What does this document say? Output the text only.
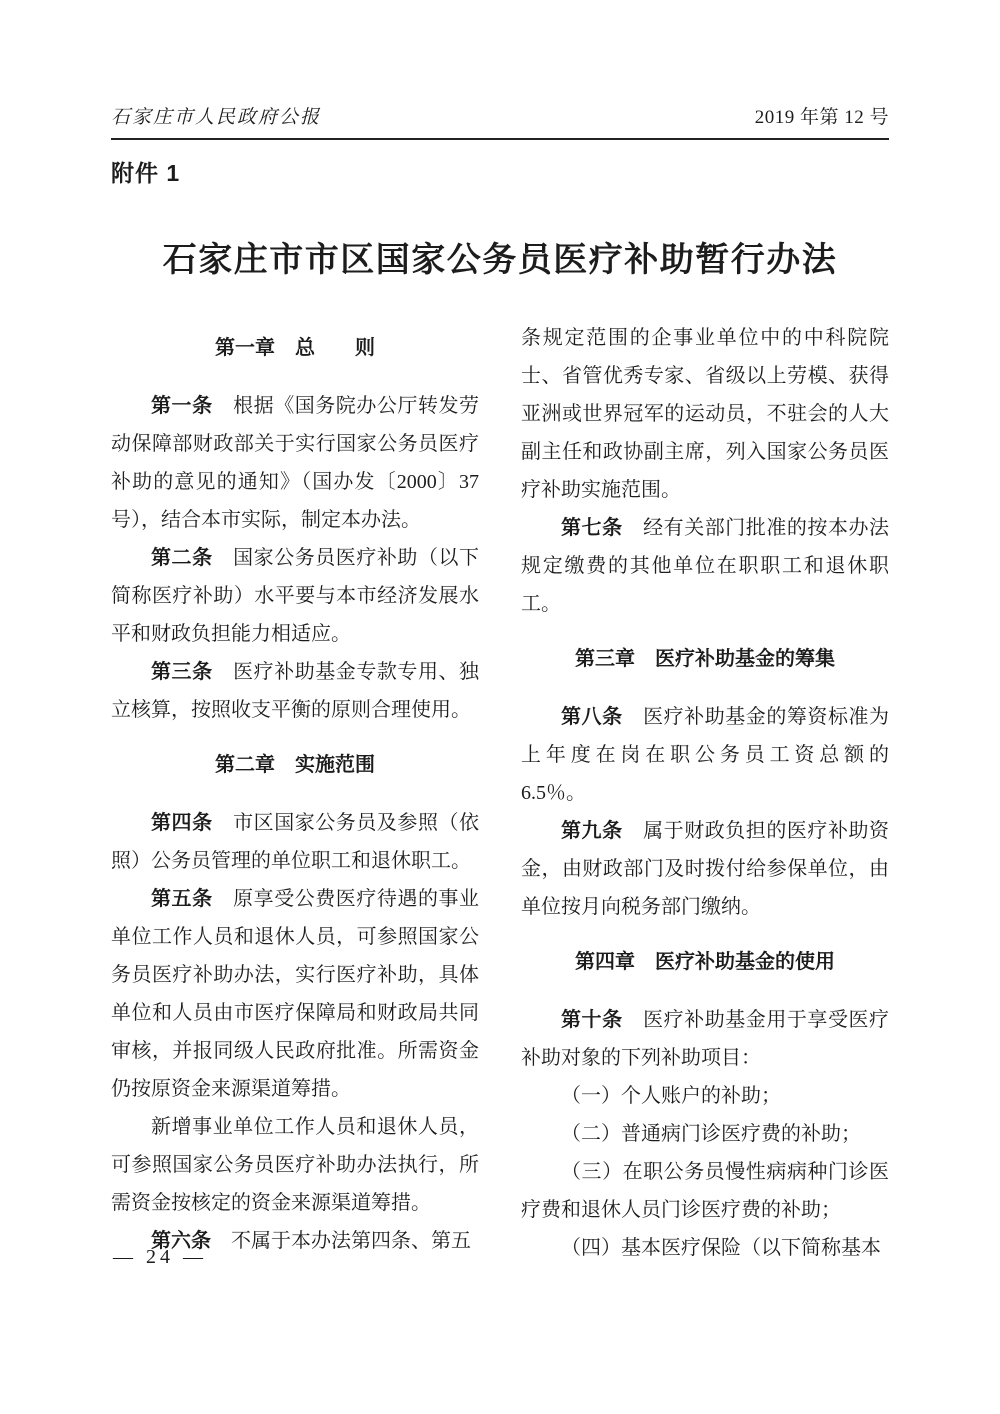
石家庄市人民政府公报	2019 年第 12 号
附件 1
石家庄市市区国家公务员医疗补助暂行办法
第一章　总　　则

第一条　根据《国务院办公厅转发劳动保障部财政部关于实行国家公务员医疗补助的意见的通知》（国办发〔2000〕37号），结合本市实际，制定本办法。

第二条　国家公务员医疗补助（以下简称医疗补助）水平要与本市经济发展水平和财政负担能力相适应。

第三条　医疗补助基金专款专用、独立核算，按照收支平衡的原则合理使用。

第二章　实施范围

第四条　市区国家公务员及参照（依照）公务员管理的单位职工和退休职工。

第五条　原享受公费医疗待遇的事业单位工作人员和退休人员，可参照国家公务员医疗补助办法，实行医疗补助，具体单位和人员由市医疗保障局和财政局共同审核，并报同级人民政府批准。所需资金仍按原资金来源渠道筹措。

新增事业单位工作人员和退休人员，可参照国家公务员医疗补助办法执行，所需资金按核定的资金来源渠道筹措。

第六条　不属于本办法第四条、第五

条规定范围的企事业单位中的中科院院士、省管优秀专家、省级以上劳模、获得亚洲或世界冠军的运动员，不驻会的人大副主任和政协副主席，列入国家公务员医疗补助实施范围。

第七条　经有关部门批准的按本办法规定缴费的其他单位在职职工和退休职工。

第三章　医疗补助基金的筹集

第八条　医疗补助基金的筹资标准为上年度在岗在职公务员工资总额的 6.5％。

第九条　属于财政负担的医疗补助资金，由财政部门及时拨付给参保单位，由单位按月向税务部门缴纳。

第四章　医疗补助基金的使用

第十条　医疗补助基金用于享受医疗补助对象的下列补助项目：

（一）个人账户的补助；

（二）普通病门诊医疗费的补助；

（三）在职公务员慢性病病种门诊医疗费和退休人员门诊医疗费的补助；

（四）基本医疗保险（以下简称基本

— 24 —
